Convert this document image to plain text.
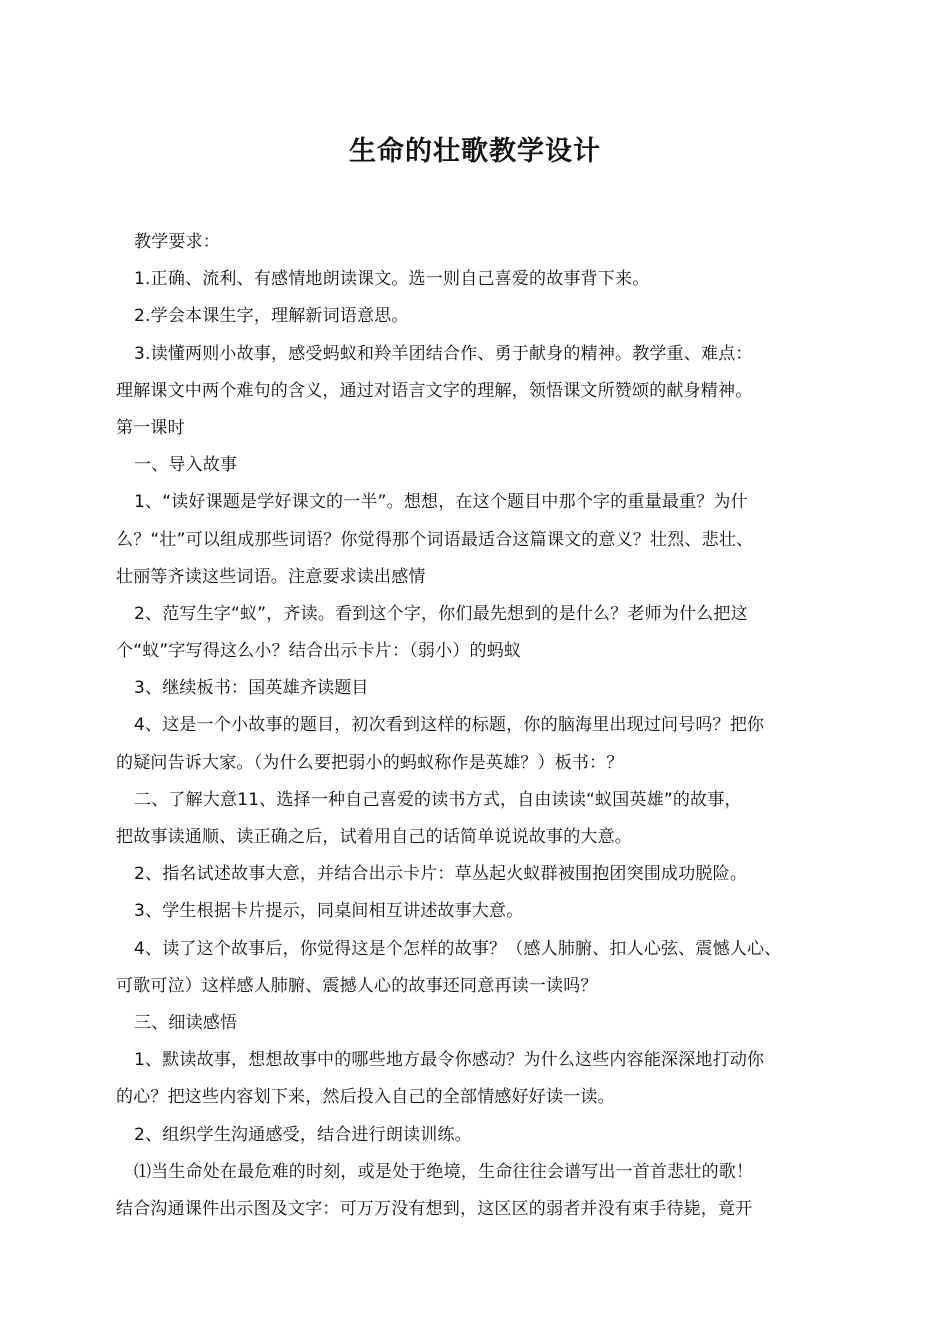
生命的壮歌教学设计
教学要求：
1.正确、流利、有感情地朗读课文。选一则自己喜爱的故事背下来。
2.学会本课生字，理解新词语意思。
3.读懂两则小故事，感受蚂蚁和羚羊团结合作、勇于献身的精神。教学重、难点：
理解课文中两个难句的含义，通过对语言文字的理解，领悟课文所赞颂的献身精神。
第一课时
一、导入故事
1、“读好课题是学好课文的一半”。想想，在这个题目中那个字的重量最重？为什
么？“壮”可以组成那些词语？你觉得那个词语最适合这篇课文的意义？壮烈、悲壮、
壮丽等齐读这些词语。注意要求读出感情
2、范写生字“蚁”，齐读。看到这个字，你们最先想到的是什么？老师为什么把这
个“蚁”字写得这么小？结合出示卡片：（弱小）的蚂蚁
3、继续板书：国英雄齐读题目
4、这是一个小故事的题目，初次看到这样的标题，你的脑海里出现过问号吗？把你
的疑问告诉大家。（为什么要把弱小的蚂蚁称作是英雄？）板书：？
二、了解大意11、选择一种自己喜爱的读书方式，自由读读“蚁国英雄”的故事，
把故事读通顺、读正确之后，试着用自己的话简单说说故事的大意。
2、指名试述故事大意，并结合出示卡片：草丛起火蚁群被围抱团突围成功脱险。
3、学生根据卡片提示，同桌间相互讲述故事大意。
4、读了这个故事后，你觉得这是个怎样的故事？（感人肺腑、扣人心弦、震憾人心、
可歌可泣）这样感人肺腑、震撼人心的故事还同意再读一读吗？
三、细读感悟
1、默读故事，想想故事中的哪些地方最令你感动？为什么这些内容能深深地打动你
的心？把这些内容划下来，然后投入自己的全部情感好好读一读。
2、组织学生沟通感受，结合进行朗读训练。
⑴当生命处在最危难的时刻，或是处于绝境，生命往往会谱写出一首首悲壮的歌！
结合沟通课件出示图及文字：可万万没有想到，这区区的弱者并没有束手待毙，竟开
